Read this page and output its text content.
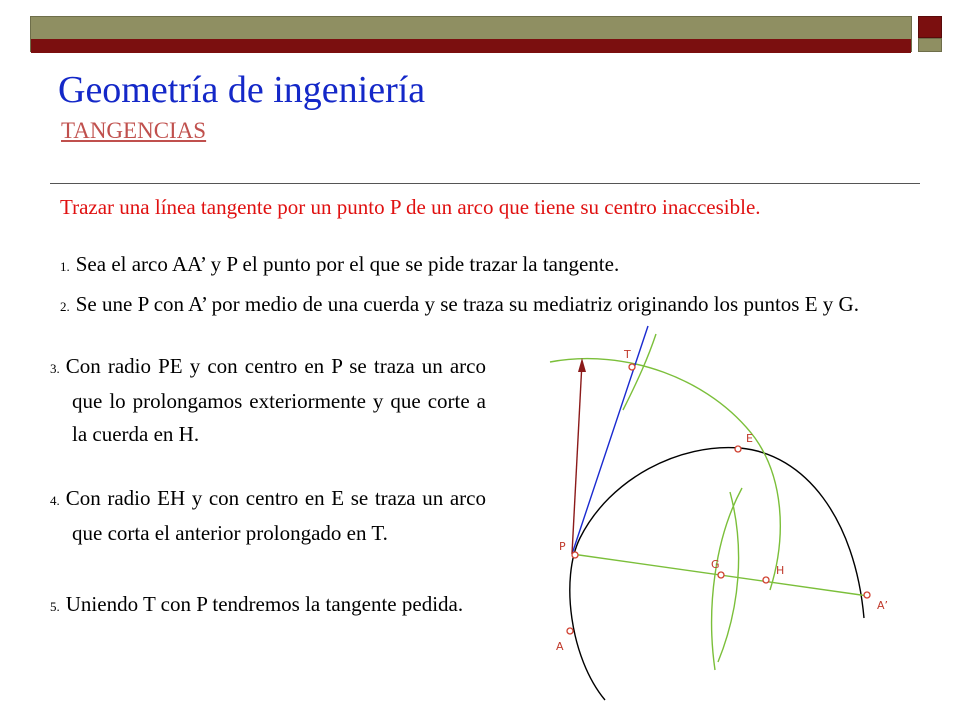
Geometría de ingeniería
TANGENCIAS
Trazar una línea tangente por un punto P de un arco que tiene su centro inaccesible.
1. Sea el arco AA’ y P el punto por el que se pide trazar la tangente.
2. Se une P con A’ por medio de una cuerda y se traza su mediatriz originando los puntos E y G.
3. Con radio PE y con centro en P se traza un arco que lo prolongamos exteriormente y que corte a la cuerda en H.
4. Con radio EH y con centro en E se traza un arco que corta el anterior prolongado en T.
5. Uniendo T con P tendremos la tangente pedida.
T
E
P
G	H
A’
A
